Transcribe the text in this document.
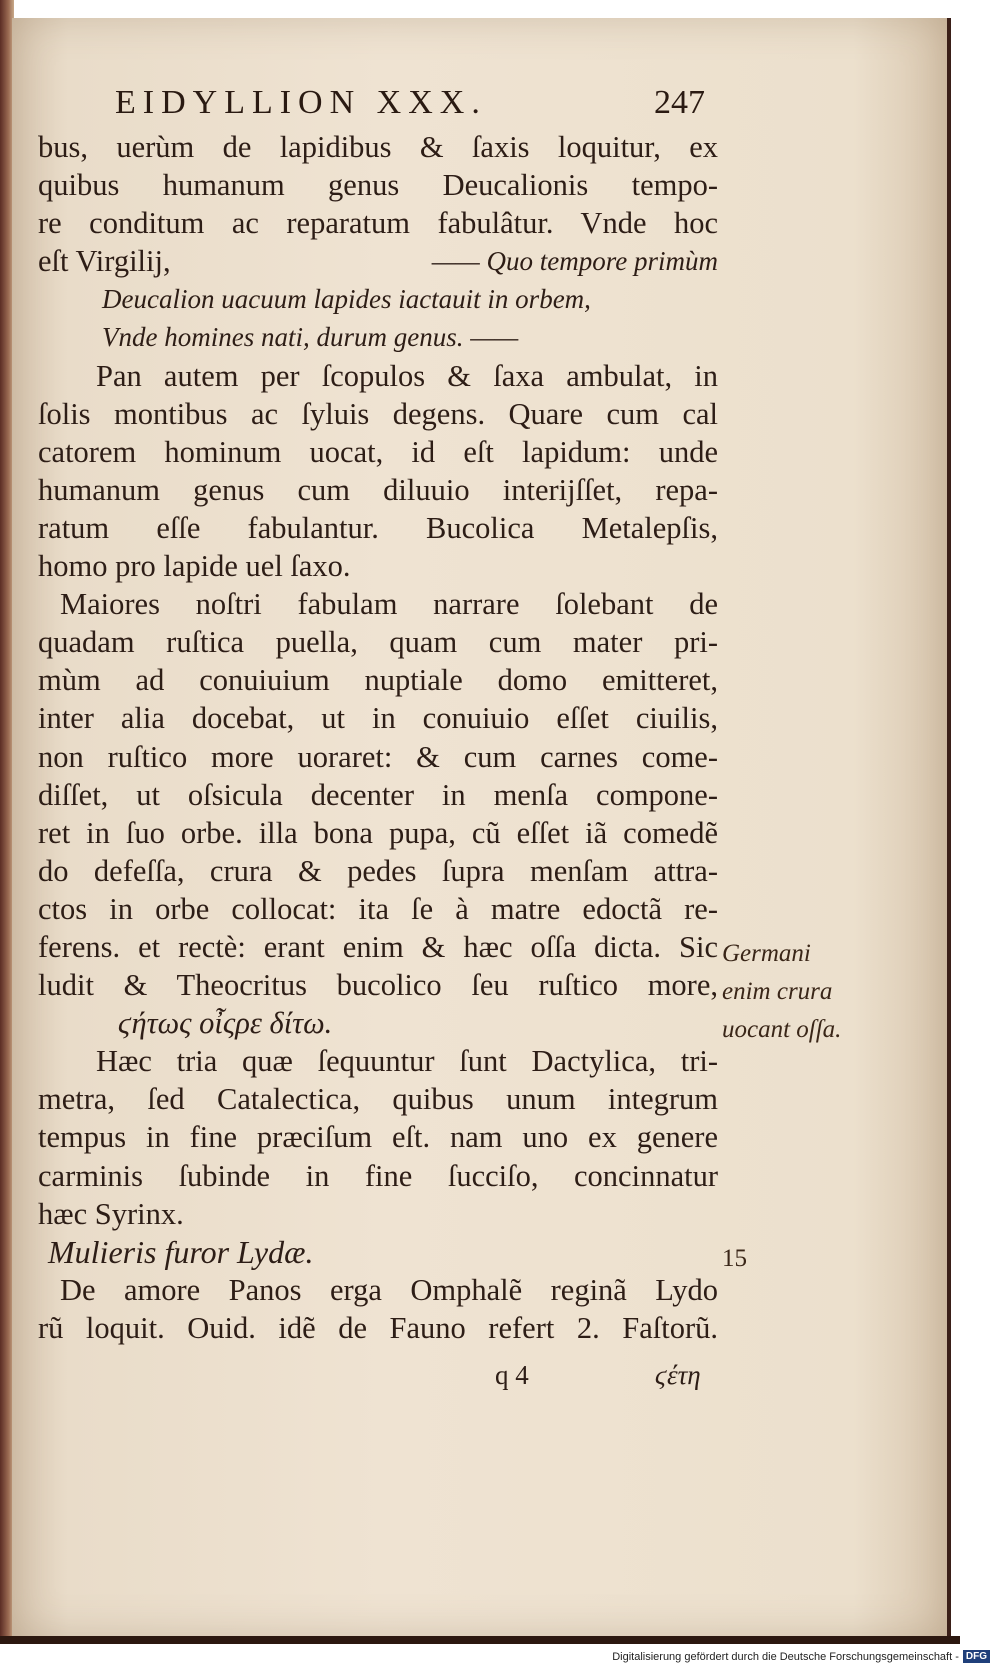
EIDYLLION XXX.	247
bus, uerùm de lapidibus & ſaxis loquitur, ex
quibus humanum genus Deucalionis tempo-
re conditum ac reparatum fabulâtur. Vnde hoc
eſt Virgilij,	—— Quo tempore primùm
Deucalion uacuum lapides iactauit in orbem,
Vnde homines nati, durum genus. ——
Pan autem per ſcopulos & ſaxa ambulat, in
ſolis montibus ac ſyluis degens. Quare cum cal
catorem hominum uocat, id eſt lapidum: unde
humanum genus cum diluuio interijſſet, repa-
ratum eſſe fabulantur. Bucolica Metalepſis,
homo pro lapide uel ſaxo.
Maiores noſtri fabulam narrare ſolebant de
quadam ruſtica puella, quam cum mater pri-
mùm ad conuiuium nuptiale domo emitteret,
inter alia docebat, ut in conuiuio eſſet ciuilis,
non ruſtico more uoraret: & cum carnes come-
diſſet, ut oſsicula decenter in menſa compone-
ret in ſuo orbe. illa bona pupa, cũ eſſet iã comedẽ
do defeſſa, crura & pedes ſupra menſam attra-
ctos in orbe collocat: ita ſe à matre edoctã re-
ferens. et rectè: erant enim & hæc oſſa dicta. Sic
ludit & Theocritus bucolico ſeu ruſtico more,
ϛήτως οἶςρε δίτω.
Hæc tria quæ ſequuntur ſunt Dactylica, tri-
metra, ſed Catalectica, quibus unum integrum
tempus in fine præciſum eſt. nam uno ex genere
carminis ſubinde in fine ſucciſo, concinnatur
hæc Syrinx.
Mulieris furor Lydæ.
De amore Panos erga Omphalẽ reginã Lydo
rũ loquit. Ouid. idẽ de Fauno refert 2. Faſtorũ.
Germani
enim crura
uocant oſſa.
15
q 4	ϛέτη
Digitalisierung gefördert durch die Deutsche Forschungsgemeinschaft - DFG
